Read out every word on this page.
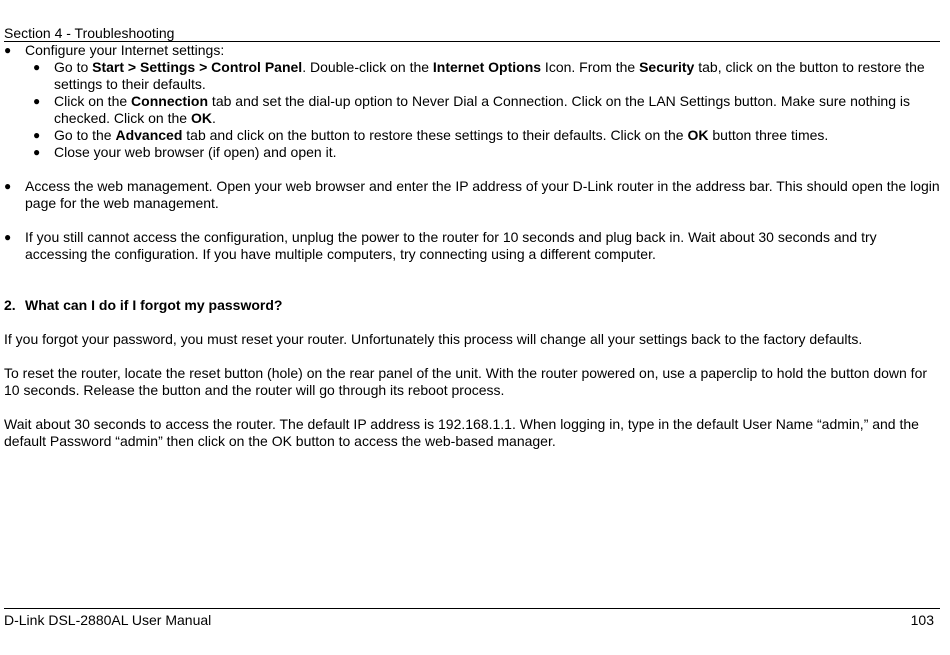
Section 4 - Troubleshooting
● Configure your Internet settings:
● Go to Start > Settings > Control Panel. Double-click on the Internet Options Icon. From the Security tab, click on the button to restore the settings to their defaults.
● Click on the Connection tab and set the dial-up option to Never Dial a Connection. Click on the LAN Settings button. Make sure nothing is checked. Click on the OK.
● Go to the Advanced tab and click on the button to restore these settings to their defaults. Click on the OK button three times.
● Close your web browser (if open) and open it.
● Access the web management. Open your web browser and enter the IP address of your D-Link router in the address bar. This should open the login page for the web management.
● If you still cannot access the configuration, unplug the power to the router for 10 seconds and plug back in. Wait about 30 seconds and try accessing the configuration. If you have multiple computers, try connecting using a different computer.
2. What can I do if I forgot my password?

If you forgot your password, you must reset your router. Unfortunately this process will change all your settings back to the factory defaults.

To reset the router, locate the reset button (hole) on the rear panel of the unit. With the router powered on, use a paperclip to hold the button down for 10 seconds. Release the button and the router will go through its reboot process.

Wait about 30 seconds to access the router. The default IP address is 192.168.1.1. When logging in, type in the default User Name “admin,” and the default Password “admin” then click on the OK button to access the web-based manager.

D-Link DSL-2880AL User Manual	103
